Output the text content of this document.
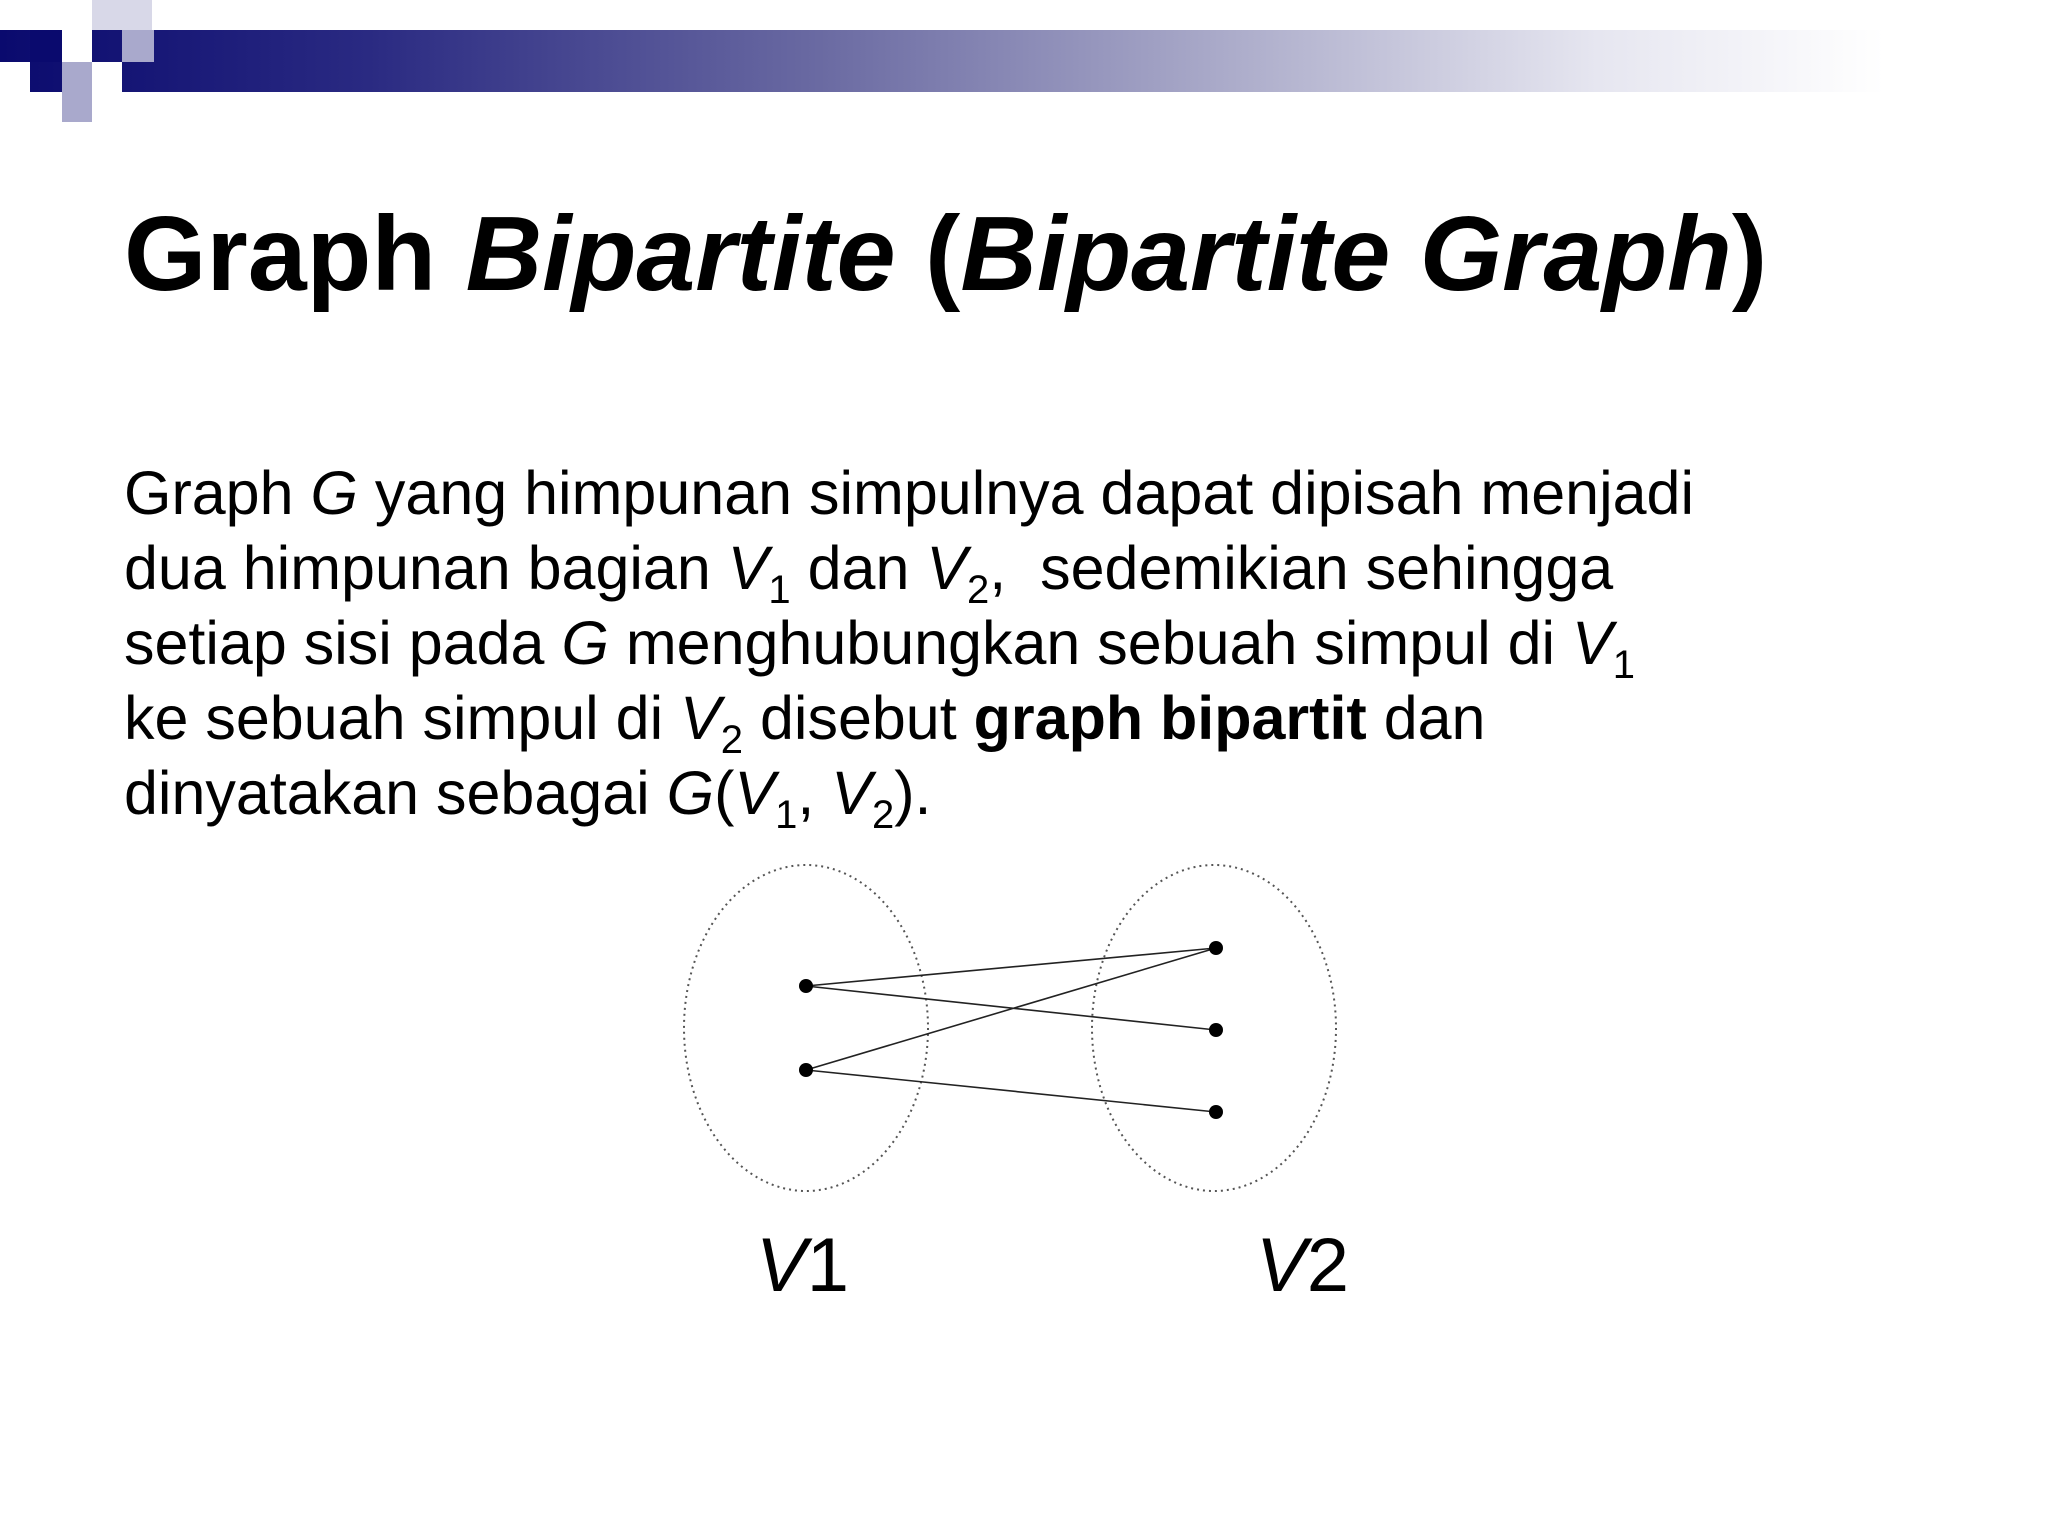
Graph Bipartite (Bipartite Graph)

Graph G yang himpunan simpulnya dapat dipisah menjadi
dua himpunan bagian $V_1$ dan $V_2$,  sedemikian sehingga
setiap sisi pada G menghubungkan sebuah simpul di $V_1$
ke sebuah simpul di $V_2$ disebut graph bipartit dan
dinyatakan sebagai $G(V_1$, $V_2$).

V1	V2
